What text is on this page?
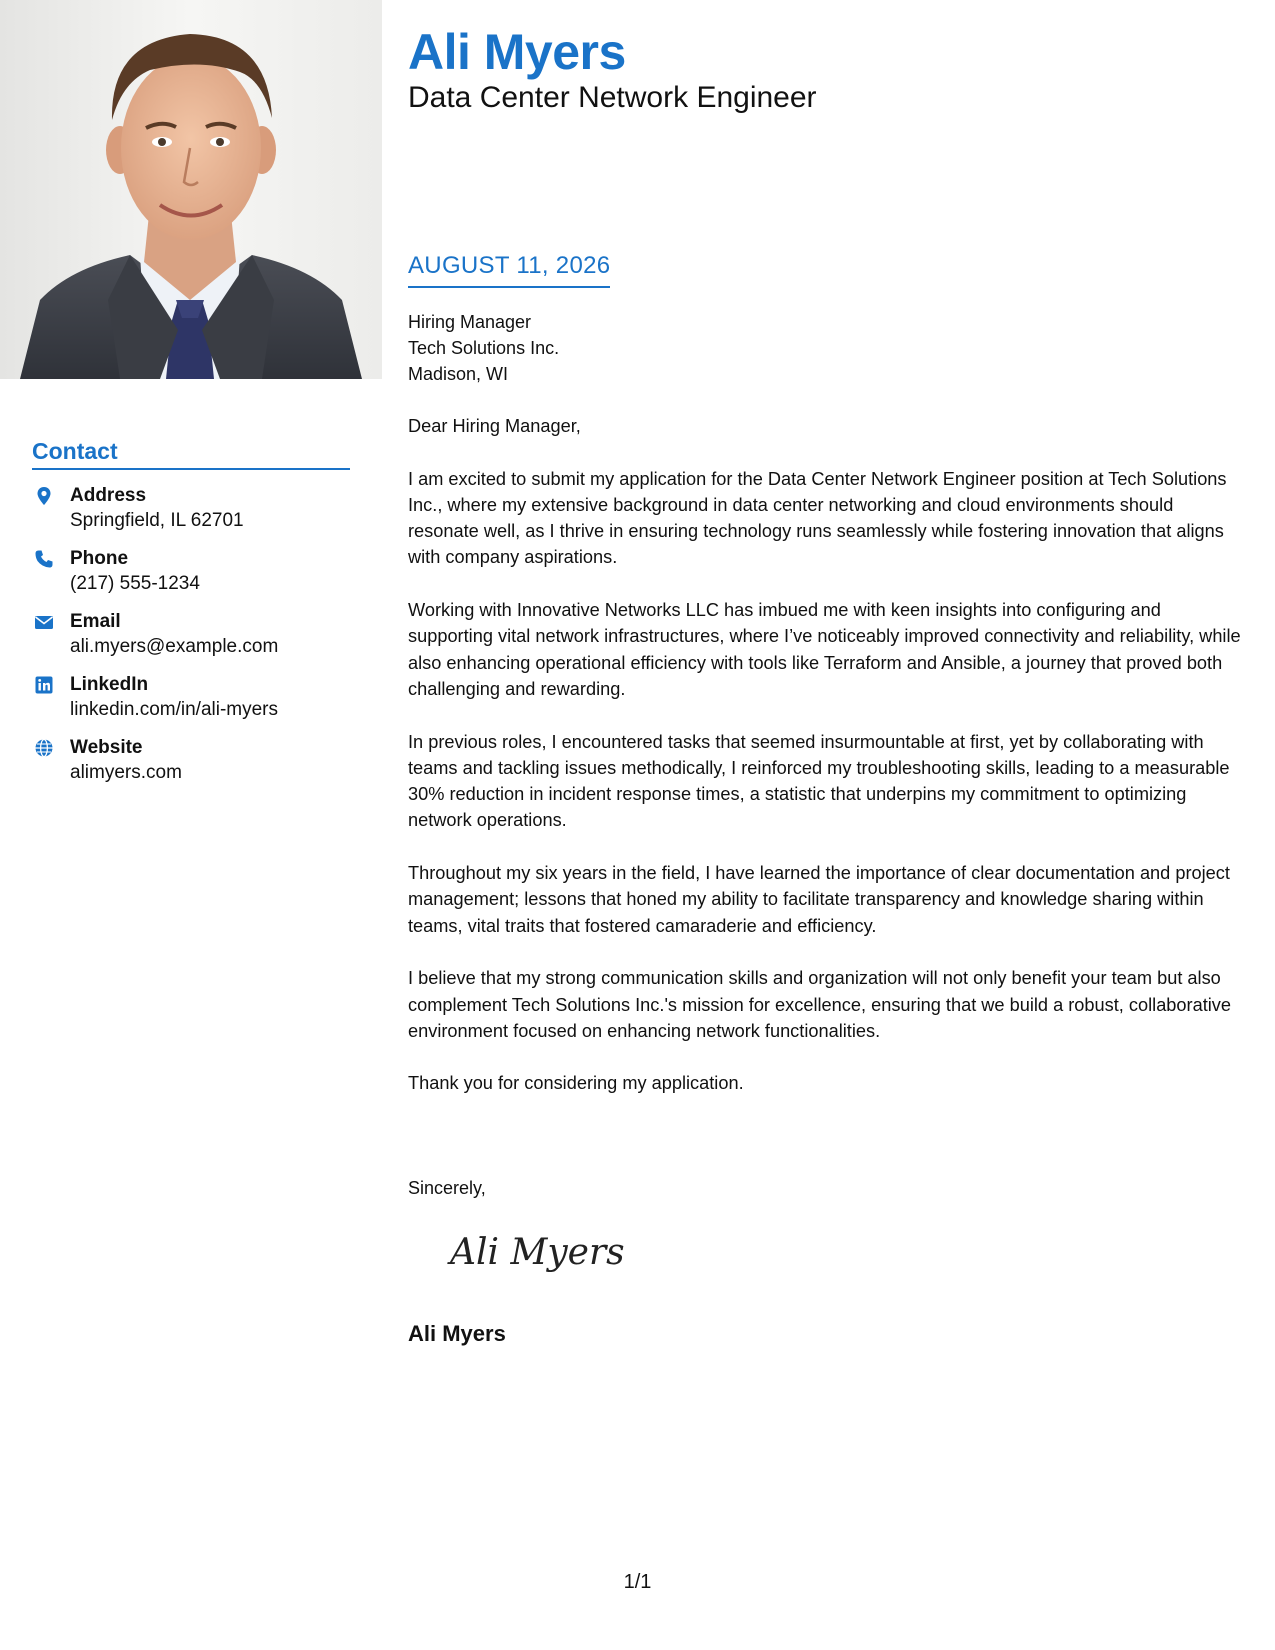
Contact
Address
Springfield, IL 62701
Phone
(217) 555-1234
Email
ali.myers@example.com
LinkedIn
linkedin.com/in/ali-myers
Website
alimyers.com
Ali Myers

Data Center Network Engineer

AUGUST 11, 2026
Hiring Manager
Tech Solutions Inc.
Madison, WI

Dear Hiring Manager,

I am excited to submit my application for the Data Center Network Engineer position at Tech Solutions Inc., where my extensive background in data center networking and cloud environments should resonate well, as I thrive in ensuring technology runs seamlessly while fostering innovation that aligns with company aspirations.

Working with Innovative Networks LLC has imbued me with keen insights into configuring and supporting vital network infrastructures, where I’ve noticeably improved connectivity and reliability, while also enhancing operational efficiency with tools like Terraform and Ansible, a journey that proved both challenging and rewarding.

In previous roles, I encountered tasks that seemed insurmountable at first, yet by collaborating with teams and tackling issues methodically, I reinforced my troubleshooting skills, leading to a measurable 30% reduction in incident response times, a statistic that underpins my commitment to optimizing network operations.

Throughout my six years in the field, I have learned the importance of clear documentation and project management; lessons that honed my ability to facilitate transparency and knowledge sharing within teams, vital traits that fostered camaraderie and efficiency.

I believe that my strong communication skills and organization will not only benefit your team but also complement Tech Solutions Inc.'s mission for excellence, ensuring that we build a robust, collaborative environment focused on enhancing network functionalities.

Thank you for considering my application.

Sincerely,
Ali Myers
Ali Myers
1/1
